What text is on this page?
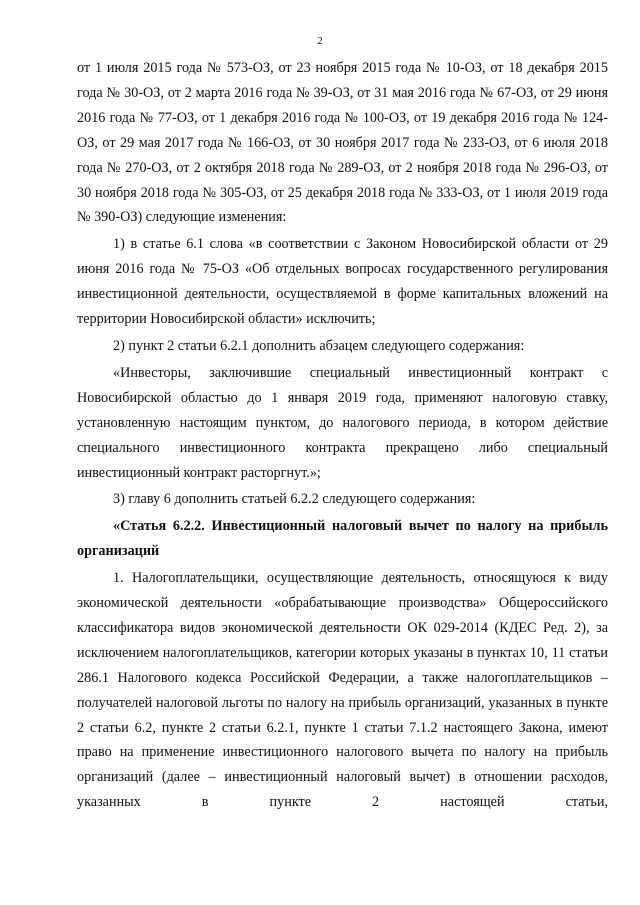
2

от 1 июля 2015 года № 573-ОЗ, от 23 ноября 2015 года № 10-ОЗ, от 18 декабря 2015 года № 30-ОЗ, от 2 марта 2016 года № 39-ОЗ, от 31 мая 2016 года № 67-ОЗ, от 29 июня 2016 года № 77-ОЗ, от 1 декабря 2016 года № 100-ОЗ, от 19 декабря 2016 года № 124-ОЗ, от 29 мая 2017 года № 166-ОЗ, от 30 ноября 2017 года № 233-ОЗ, от 6 июля 2018 года № 270-ОЗ, от 2 октября 2018 года № 289-ОЗ, от 2 ноября 2018 года № 296-ОЗ, от 30 ноября 2018 года № 305-ОЗ, от 25 декабря 2018 года № 333-ОЗ, от 1 июля 2019 года № 390-ОЗ) следующие изменения:

1) в статье 6.1 слова «в соответствии с Законом Новосибирской области от 29 июня 2016 года № 75-ОЗ «Об отдельных вопросах государственного регулирования инвестиционной деятельности, осуществляемой в форме капитальных вложений на территории Новосибирской области» исключить;

2) пункт 2 статьи 6.2.1 дополнить абзацем следующего содержания:

«Инвесторы, заключившие специальный инвестиционный контракт с Новосибирской областью до 1 января 2019 года, применяют налоговую ставку, установленную настоящим пунктом, до налогового периода, в котором действие специального инвестиционного контракта прекращено либо специальный инвестиционный контракт расторгнут.»;

3) главу 6 дополнить статьей 6.2.2 следующего содержания:

«Статья 6.2.2. Инвестиционный налоговый вычет по налогу на прибыль организаций

1. Налогоплательщики, осуществляющие деятельность, относящуюся к виду экономической деятельности «обрабатывающие производства» Общероссийского классификатора видов экономической деятельности ОК 029-2014 (КДЕС Ред. 2), за исключением налогоплательщиков, категории которых указаны в пунктах 10, 11 статьи 286.1 Налогового кодекса Российской Федерации, а также налогоплательщиков – получателей налоговой льготы по налогу на прибыль организаций, указанных в пункте 2 статьи 6.2, пункте 2 статьи 6.2.1, пункте 1 статьи 7.1.2 настоящего Закона, имеют право на применение инвестиционного налогового вычета по налогу на прибыль организаций (далее – инвестиционный налоговый вычет) в отношении расходов, указанных в пункте 2 настоящей статьи,
